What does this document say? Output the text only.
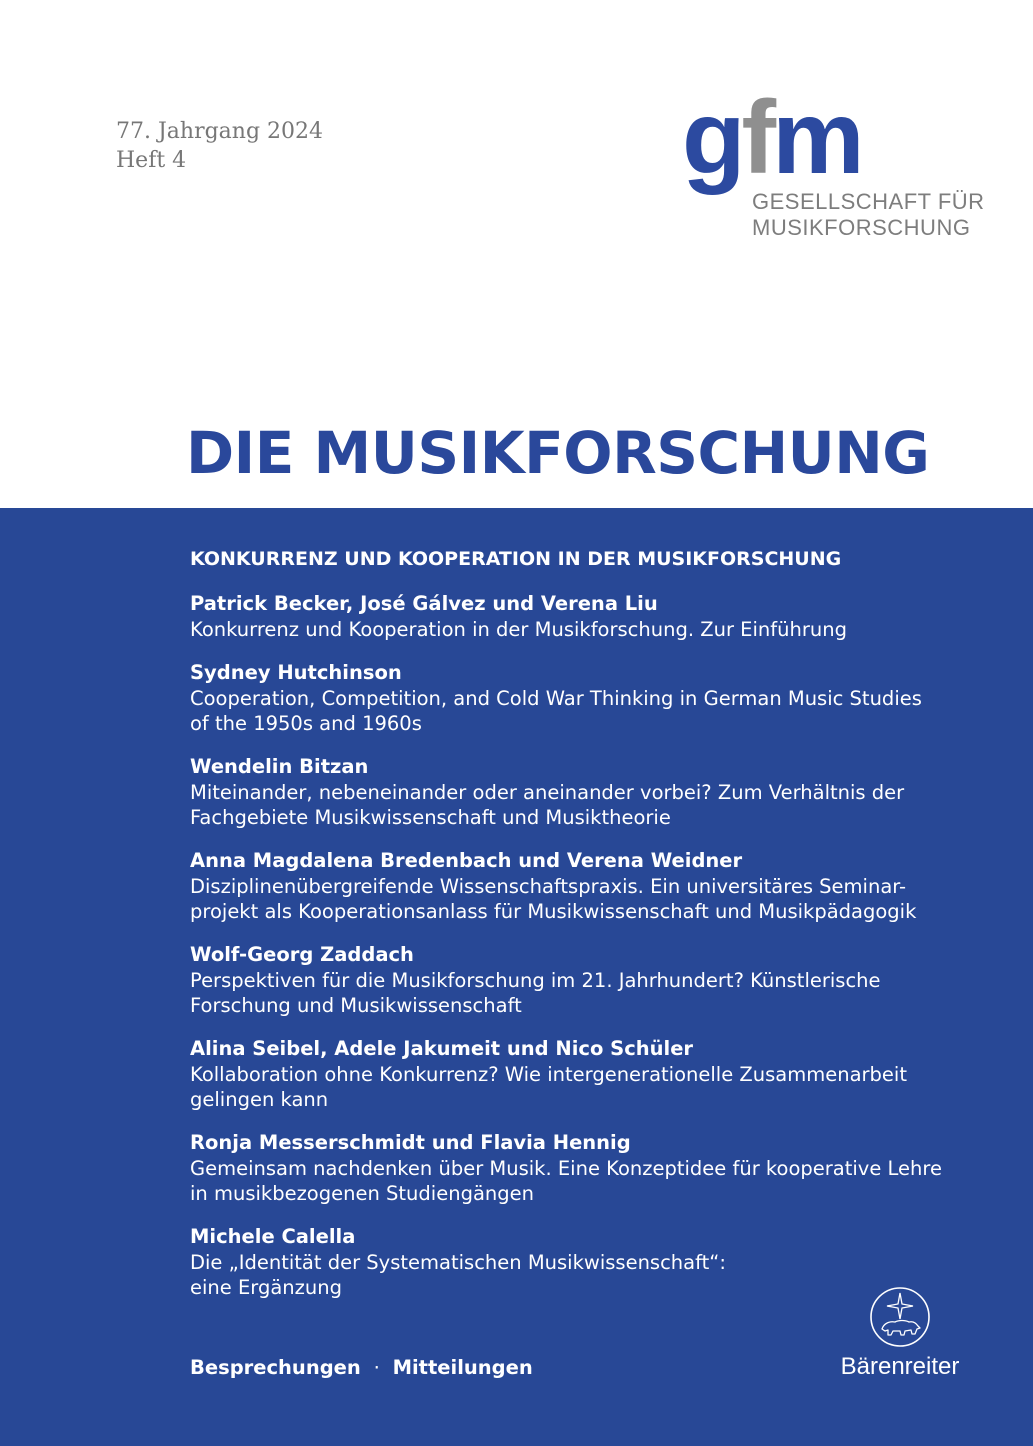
77. Jahrgang 2024
Heft 4	gfm
GESELLSCHAFT FÜR
MUSIKFORSCHUNG
DIE MUSIKFORSCHUNG
KONKURRENZ UND KOOPERATION IN DER MUSIKFORSCHUNG
Patrick Becker, José Gálvez und Verena Liu
Konkurrenz und Kooperation in der Musikforschung. Zur Einführung
Sydney Hutchinson
Cooperation, Competition, and Cold War Thinking in German Music Studies
of the 1950s and 1960s
Wendelin Bitzan
Miteinander, nebeneinander oder aneinander vorbei? Zum Verhältnis der
Fachgebiete Musikwissenschaft und Musiktheorie
Anna Magdalena Bredenbach und Verena Weidner
Disziplinenübergreifende Wissenschaftspraxis. Ein universitäres Seminar-
projekt als Kooperationsanlass für Musikwissenschaft und Musikpädagogik
Wolf-Georg Zaddach
Perspektiven für die Musikforschung im 21. Jahrhundert? Künstlerische
Forschung und Musikwissenschaft
Alina Seibel, Adele Jakumeit und Nico Schüler
Kollaboration ohne Konkurrenz? Wie intergenerationelle Zusammenarbeit
gelingen kann
Ronja Messerschmidt und Flavia Hennig
Gemeinsam nachdenken über Musik. Eine Konzeptidee für kooperative Lehre
in musikbezogenen Studiengängen
Michele Calella
Die „Identität der Systematischen Musikwissenschaft“:
eine Ergänzung
Besprechungen · Mitteilungen	Bärenreiter
